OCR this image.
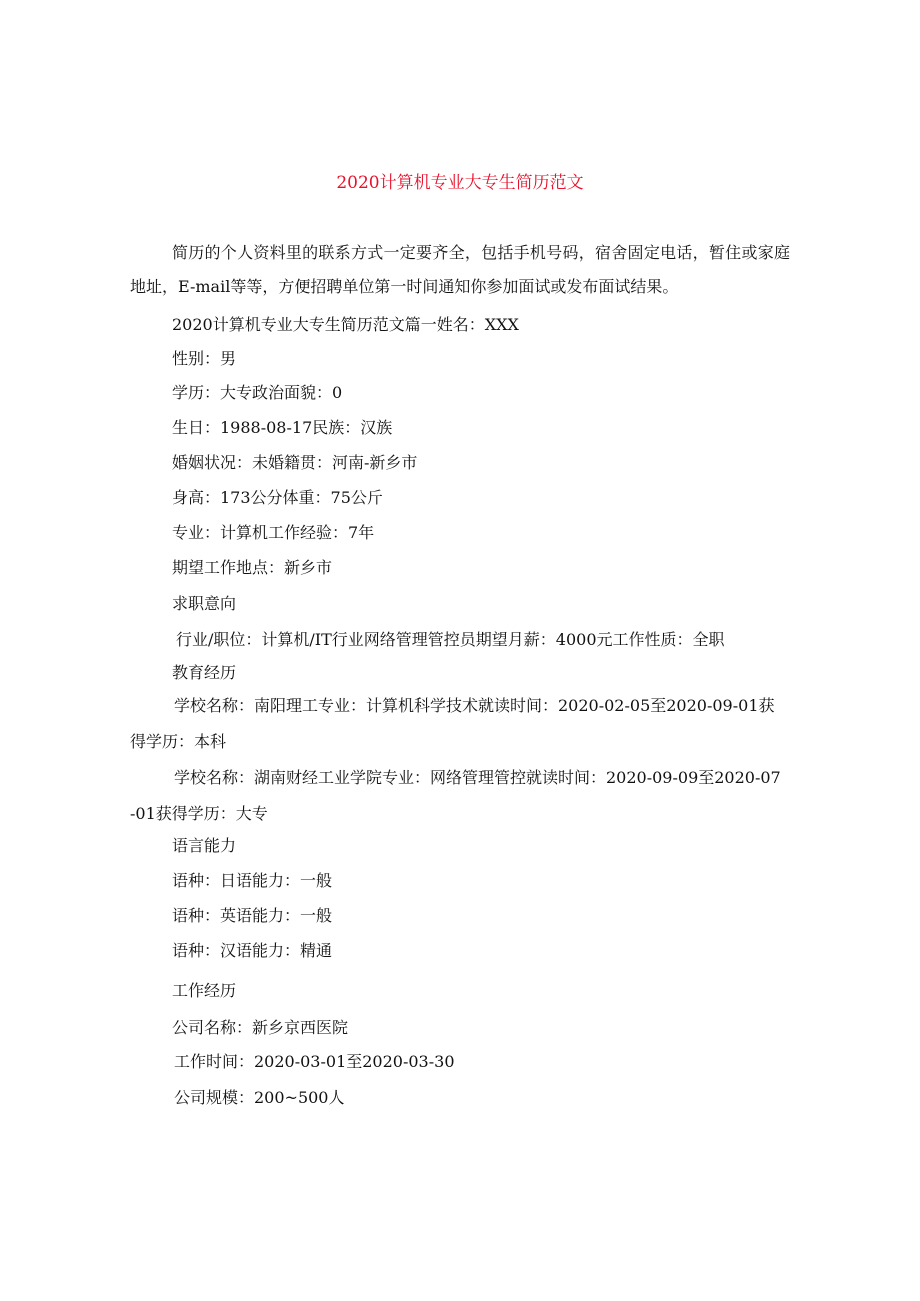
2020计算机专业大专生简历范文
简历的个人资料里的联系方式一定要齐全，包括手机号码，宿舍固定电话，暂住或家庭地址，E-mail等等，方便招聘单位第一时间通知你参加面试或发布面试结果。
2020计算机专业大专生简历范文篇一姓名：XXX
性别：男
学历：大专政治面貌：0
生日：1988-08-17民族：汉族
婚姻状况：未婚籍贯：河南-新乡市
身高：173公分体重：75公斤
专业：计算机工作经验：7年
期望工作地点：新乡市
求职意向
行业/职位：计算机/IT行业网络管理管控员期望月薪：4000元工作性质：全职
教育经历
学校名称：南阳理工专业：计算机科学技术就读时间：2020-02-05至2020-09-01获得学历：本科
学校名称：湖南财经工业学院专业：网络管理管控就读时间：2020-09-09至2020-07-01获得学历：大专
语言能力
语种：日语能力：一般
语种：英语能力：一般
语种：汉语能力：精通
工作经历
公司名称：新乡京西医院
工作时间：2020-03-01至2020-03-30
公司规模：200~500人
